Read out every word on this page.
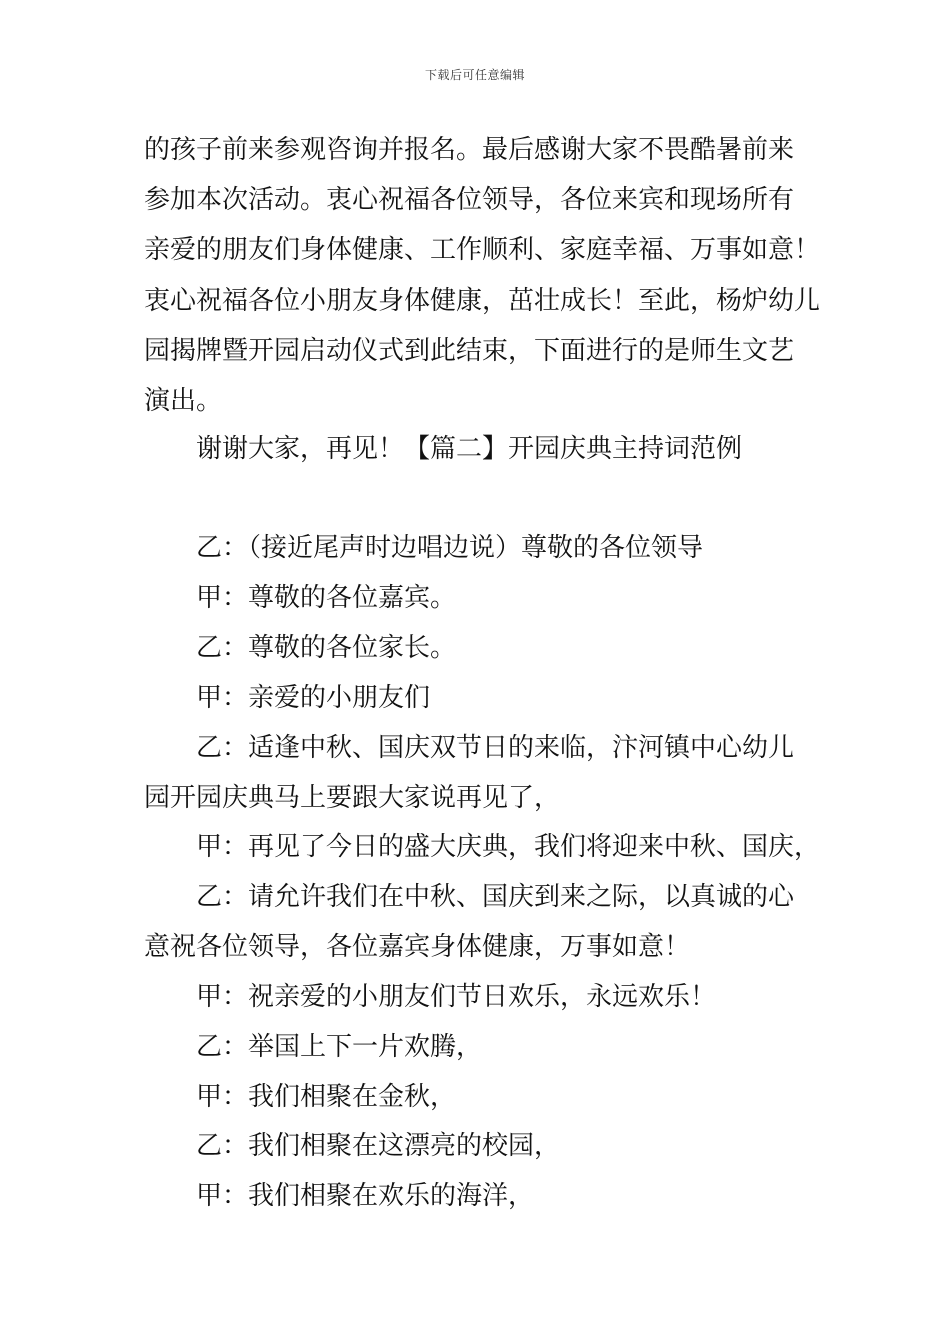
下载后可任意编辑
的孩子前来参观咨询并报名。最后感谢大家不畏酷暑前来
参加本次活动。衷心祝福各位领导，各位来宾和现场所有
亲爱的朋友们身体健康、工作顺利、家庭幸福、万事如意！
衷心祝福各位小朋友身体健康，茁壮成长！至此，杨炉幼儿
园揭牌暨开园启动仪式到此结束，下面进行的是师生文艺
演出。
谢谢大家，再见！【篇二】开园庆典主持词范例
乙：（接近尾声时边唱边说）尊敬的各位领导
甲：尊敬的各位嘉宾。
乙：尊敬的各位家长。
甲：亲爱的小朋友们
乙：适逢中秋、国庆双节日的来临，汴河镇中心幼儿
园开园庆典马上要跟大家说再见了，
甲：再见了今日的盛大庆典，我们将迎来中秋、国庆，
乙：请允许我们在中秋、国庆到来之际，以真诚的心
意祝各位领导，各位嘉宾身体健康，万事如意！
甲：祝亲爱的小朋友们节日欢乐，永远欢乐！
乙：举国上下一片欢腾，
甲：我们相聚在金秋，
乙：我们相聚在这漂亮的校园，
甲：我们相聚在欢乐的海洋，
